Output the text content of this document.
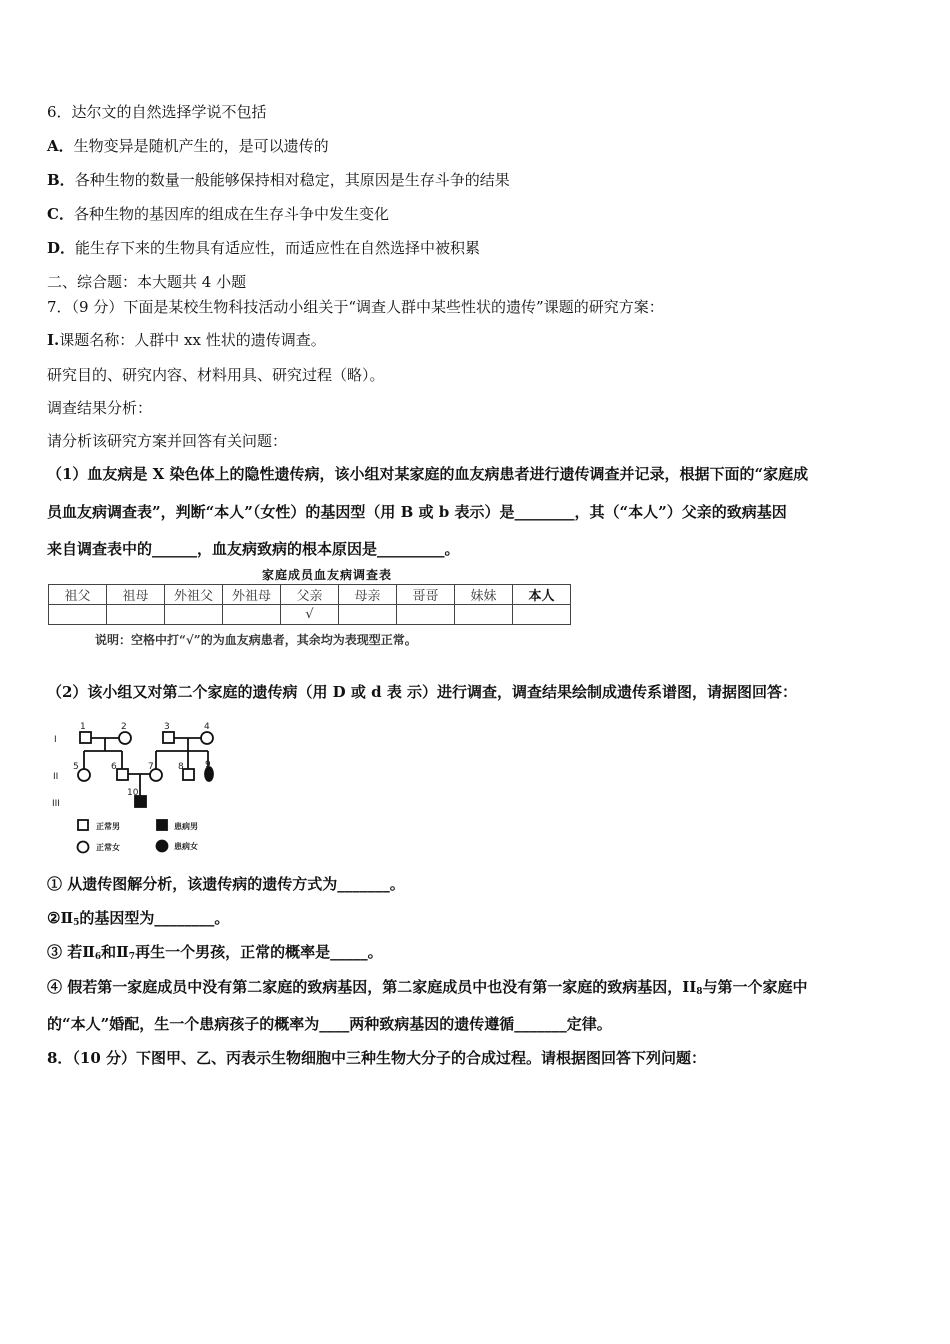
6．达尔文的自然选择学说不包括
A．生物变异是随机产生的，是可以遗传的
B．各种生物的数量一般能够保持相对稳定，其原因是生存斗争的结果
C．各种生物的基因库的组成在生存斗争中发生变化
D．能生存下来的生物具有适应性，而适应性在自然选择中被积累
二、综合题：本大题共 4 小题
7．（9 分）下面是某校生物科技活动小组关于“调查人群中某些性状的遗传”课题的研究方案：
I.课题名称：人群中 xx 性状的遗传调查。
研究目的、研究内容、材料用具、研究过程（略）。
调查结果分析：
请分析该研究方案并回答有关问题：
（1）血友病是 X 染色体上的隐性遗传病，该小组对某家庭的血友病患者进行遗传调查并记录，根据下面的“家庭成
员血友病调查表”，判断“本人”（女性）的基因型（用 B 或 b 表示）是________，其（“本人”）父亲的致病基因
来自调查表中的______，血友病致病的根本原因是_________。
家庭成员血友病调查表
祖父	祖母	外祖父	外祖母	父亲	母亲	哥哥	妹妹	本人
				√				
说明：空格中打“√”的为血友病患者，其余均为表现型正常。
（2）该小组又对第二个家庭的遗传病（用 D 或 d 表 示）进行调查，调查结果绘制成遗传系谱图，请据图回答：
I
II
III
1	2	3	4
5	6	7	8 9
10
正常男	患病男
正常女	患病女
① 从遗传图解分析，该遗传病的遗传方式为_______。
$②Ⅱ_5$的基因型为________。
③ 若$Ⅱ_6$和$Ⅱ_7$再生一个男孩，正常的概率是_____。
④ 假若第一家庭成员中没有第二家庭的致病基因，第二家庭成员中也没有第一家庭的致病基因，$II_8$与第一个家庭中
的“本人”婚配，生一个患病孩子的概率为____两种致病基因的遗传遵循_______定律。
8．（10 分）下图甲、乙、丙表示生物细胞中三种生物大分子的合成过程。请根据图回答下列问题：
